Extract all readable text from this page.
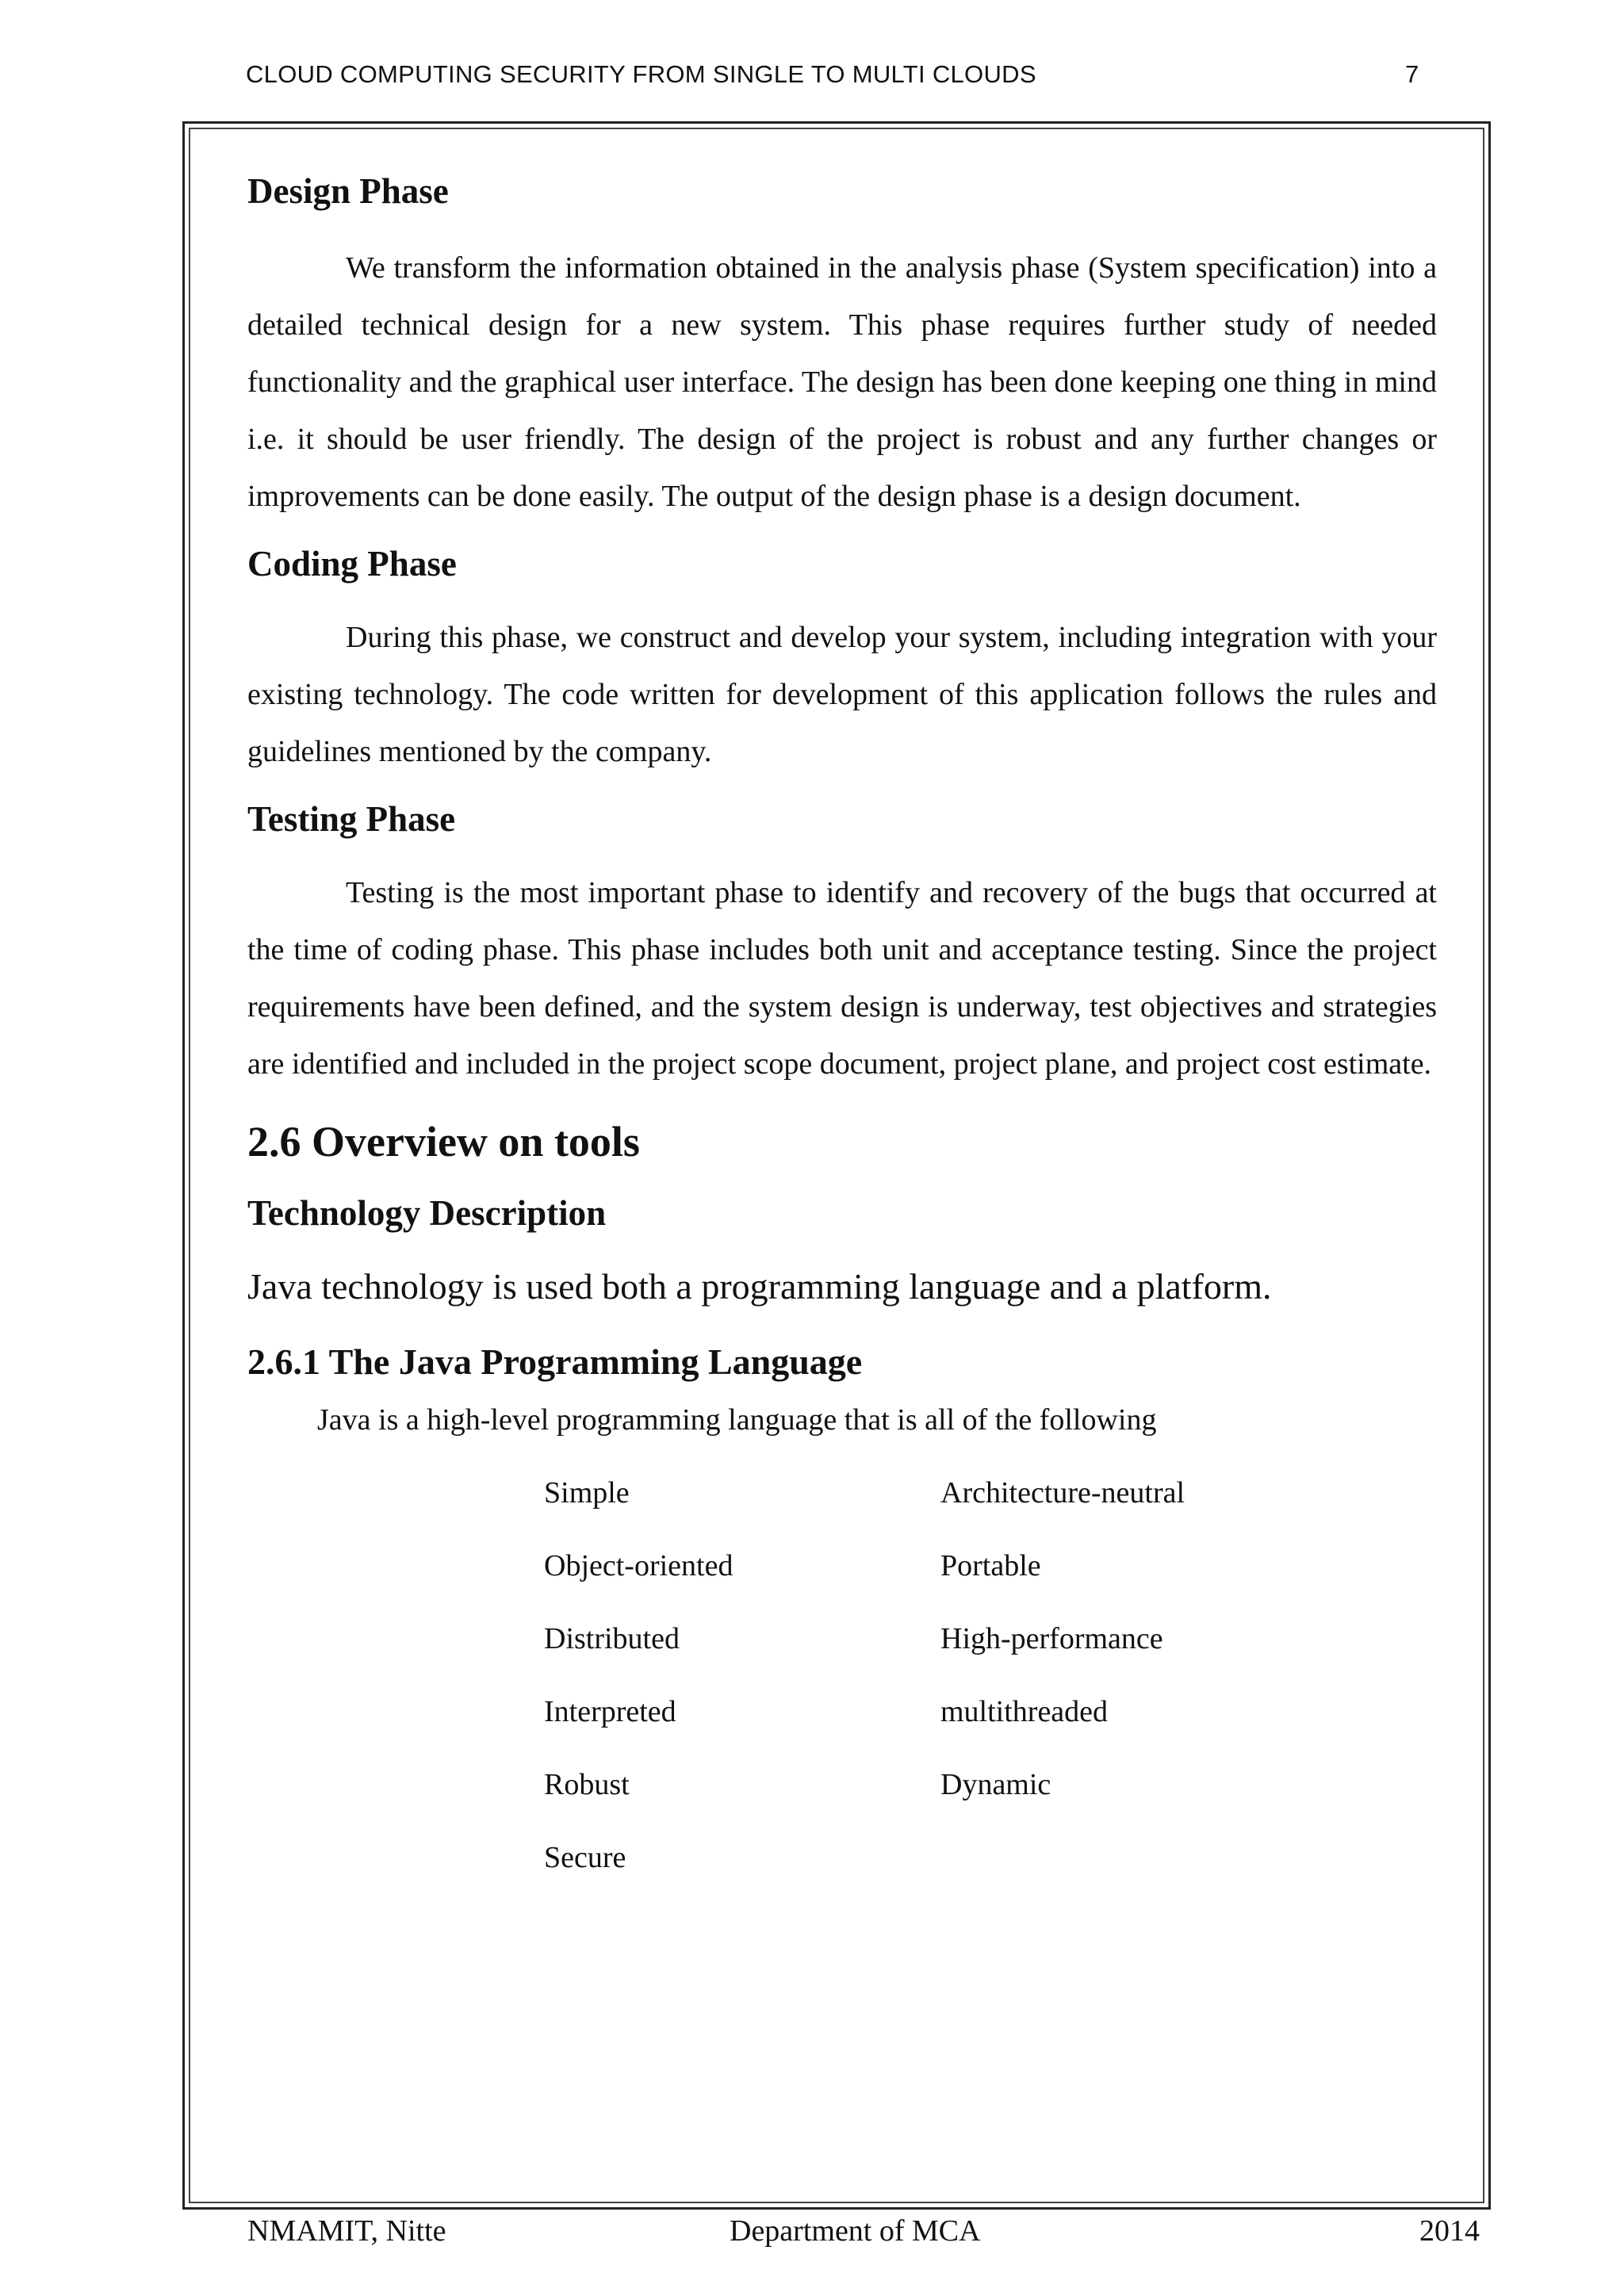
CLOUD COMPUTING SECURITY FROM SINGLE TO MULTI CLOUDS	7
Design Phase

We transform the information obtained in the analysis phase (System specification) into a detailed technical design for a new system. This phase requires further study of needed functionality and the graphical user interface. The design has been done keeping one thing in mind i.e. it should be user friendly. The design of the project is robust and any further changes or improvements can be done easily. The output of the design phase is a design document.

Coding Phase

During this phase, we construct and develop your system, including integration with your existing technology. The code written for development of this application follows the rules and guidelines mentioned by the company.

Testing Phase

Testing is the most important phase to identify and recovery of the bugs that occurred at the time of coding phase. This phase includes both unit and acceptance testing. Since the project requirements have been defined, and the system design is underway, test objectives and strategies are identified and included in the project scope document, project plane, and project cost estimate.

2.6 Overview on tools
Technology Description

Java technology is used both a programming language and a platform.

2.6.1 The Java Programming Language

Java is a high-level programming language that is all of the following

Simple	Architecture-neutral
Object-oriented	Portable
Distributed	High-performance
Interpreted	multithreaded
Robust	Dynamic
Secure
NMAMIT, Nitte	Department of MCA	2014
